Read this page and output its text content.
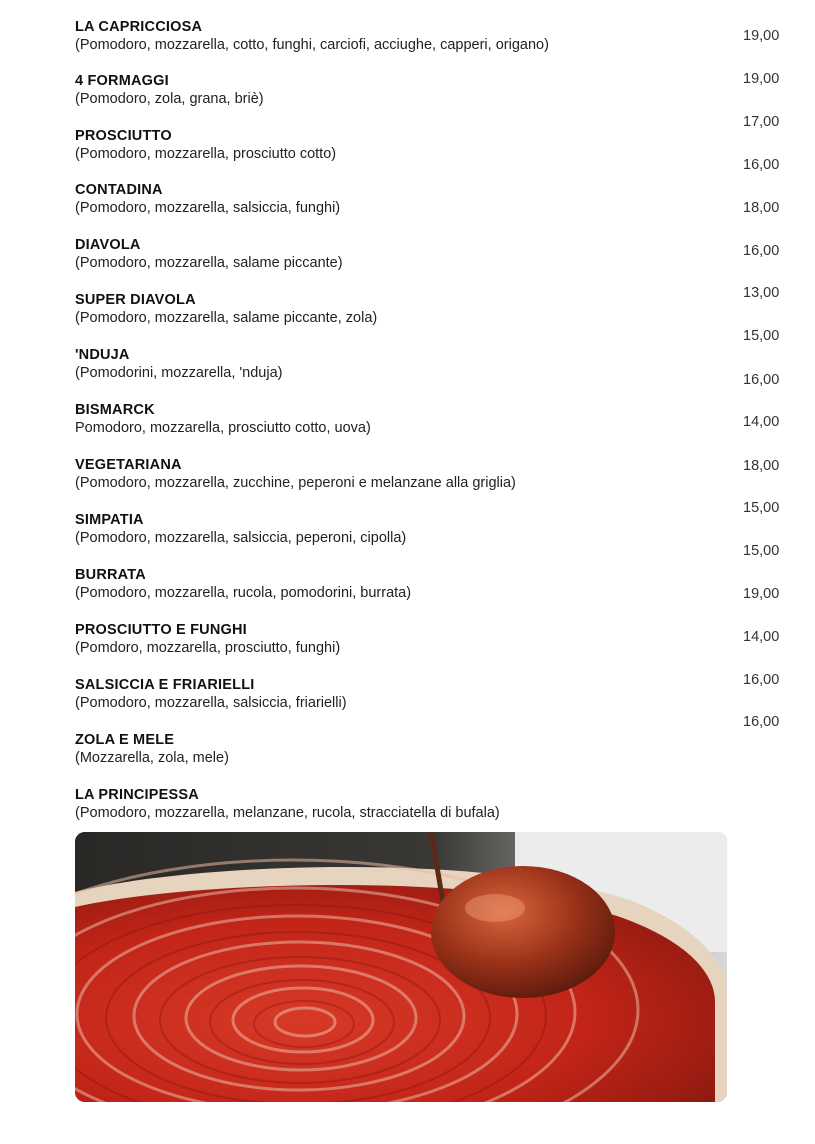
LA CAPRICCIOSA
(Pomodoro, mozzarella, cotto, funghi, carciofi, acciughe, capperi, origano)
4 FORMAGGI
(Pomodoro, zola, grana, briè)
PROSCIUTTO
(Pomodoro, mozzarella, prosciutto cotto)
CONTADINA
(Pomodoro, mozzarella, salsiccia, funghi)
DIAVOLA
(Pomodoro, mozzarella, salame piccante)
SUPER DIAVOLA
(Pomodoro, mozzarella, salame piccante, zola)
'NDUJA
(Pomodorini, mozzarella, 'nduja)
BISMARCK
Pomodoro, mozzarella, prosciutto cotto, uova)
VEGETARIANA
(Pomodoro, mozzarella, zucchine, peperoni e melanzane alla griglia)
SIMPATIA
(Pomodoro, mozzarella, salsiccia, peperoni, cipolla)
BURRATA
(Pomodoro, mozzarella, rucola, pomodorini, burrata)
PROSCIUTTO E FUNGHI
(Pomdoro, mozzarella, prosciutto, funghi)
SALSICCIA E FRIARIELLI
(Pomodoro, mozzarella, salsiccia, friarielli)
ZOLA E MELE
(Mozzarella, zola, mele)
LA PRINCIPESSA
(Pomodoro, mozzarella, melanzane, rucola, stracciatella di bufala)
19,00
19,00
17,00
16,00
18,00
16,00
13,00
15,00
16,00
14,00
18,00
15,00
15,00
19,00
14,00
16,00
16,00
